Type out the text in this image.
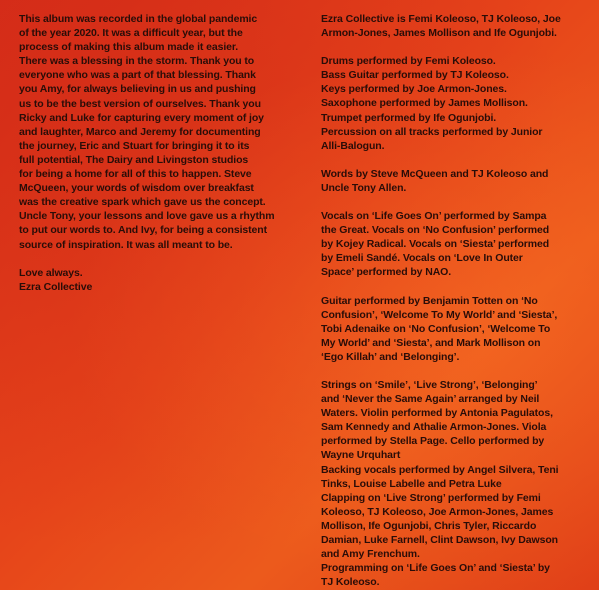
This album was recorded in the global pandemic
of the year 2020. It was a difficult year, but the
process of making this album made it easier.
There was a blessing in the storm. Thank you to
everyone who was a part of that blessing. Thank
you Amy, for always believing in us and pushing
us to be the best version of ourselves. Thank you
Ricky and Luke for capturing every moment of joy
and laughter, Marco and Jeremy for documenting
the journey, Eric and Stuart for bringing it to its
full potential, The Dairy and Livingston studios
for being a home for all of this to happen. Steve
McQueen, your words of wisdom over breakfast
was the creative spark which gave us the concept.
Uncle Tony, your lessons and love gave us a rhythm
to put our words to. And Ivy, for being a consistent
source of inspiration. It was all meant to be.

Love always.
Ezra Collective

Ezra Collective is Femi Koleoso, TJ Koleoso, Joe
Armon-Jones, James Mollison and Ife Ogunjobi.

Drums performed by Femi Koleoso.
Bass Guitar performed by TJ Koleoso.
Keys performed by Joe Armon-Jones.
Saxophone performed by James Mollison.
Trumpet performed by Ife Ogunjobi.
Percussion on all tracks performed by Junior
Alli-Balogun.

Words by Steve McQueen and TJ Koleoso and
Uncle Tony Allen.

Vocals on ‘Life Goes On’ performed by Sampa
the Great. Vocals on ‘No Confusion’ performed
by Kojey Radical. Vocals on ‘Siesta’ performed
by Emeli Sandé. Vocals on ‘Love In Outer
Space’ performed by NAO.

Guitar performed by Benjamin Totten on ‘No
Confusion’, ‘Welcome To My World’ and ‘Siesta’,
Tobi Adenaike on ‘No Confusion’, ‘Welcome To
My World’ and ‘Siesta’, and Mark Mollison on
‘Ego Killah’ and ‘Belonging’.

Strings on ‘Smile’, ‘Live Strong’, ‘Belonging’
and ‘Never the Same Again’ arranged by Neil
Waters. Violin performed by Antonia Pagulatos,
Sam Kennedy and Athalie Armon-Jones. Viola
performed by Stella Page. Cello performed by
Wayne Urquhart
Backing vocals performed by Angel Silvera, Teni
Tinks, Louise Labelle and Petra Luke
Clapping on ‘Live Strong’ performed by Femi
Koleoso, TJ Koleoso, Joe Armon-Jones, James
Mollison, Ife Ogunjobi, Chris Tyler, Riccardo
Damian, Luke Farnell, Clint Dawson, Ivy Dawson
and Amy Frenchum.
Programming on ‘Life Goes On’ and ‘Siesta’ by
TJ Koleoso.
